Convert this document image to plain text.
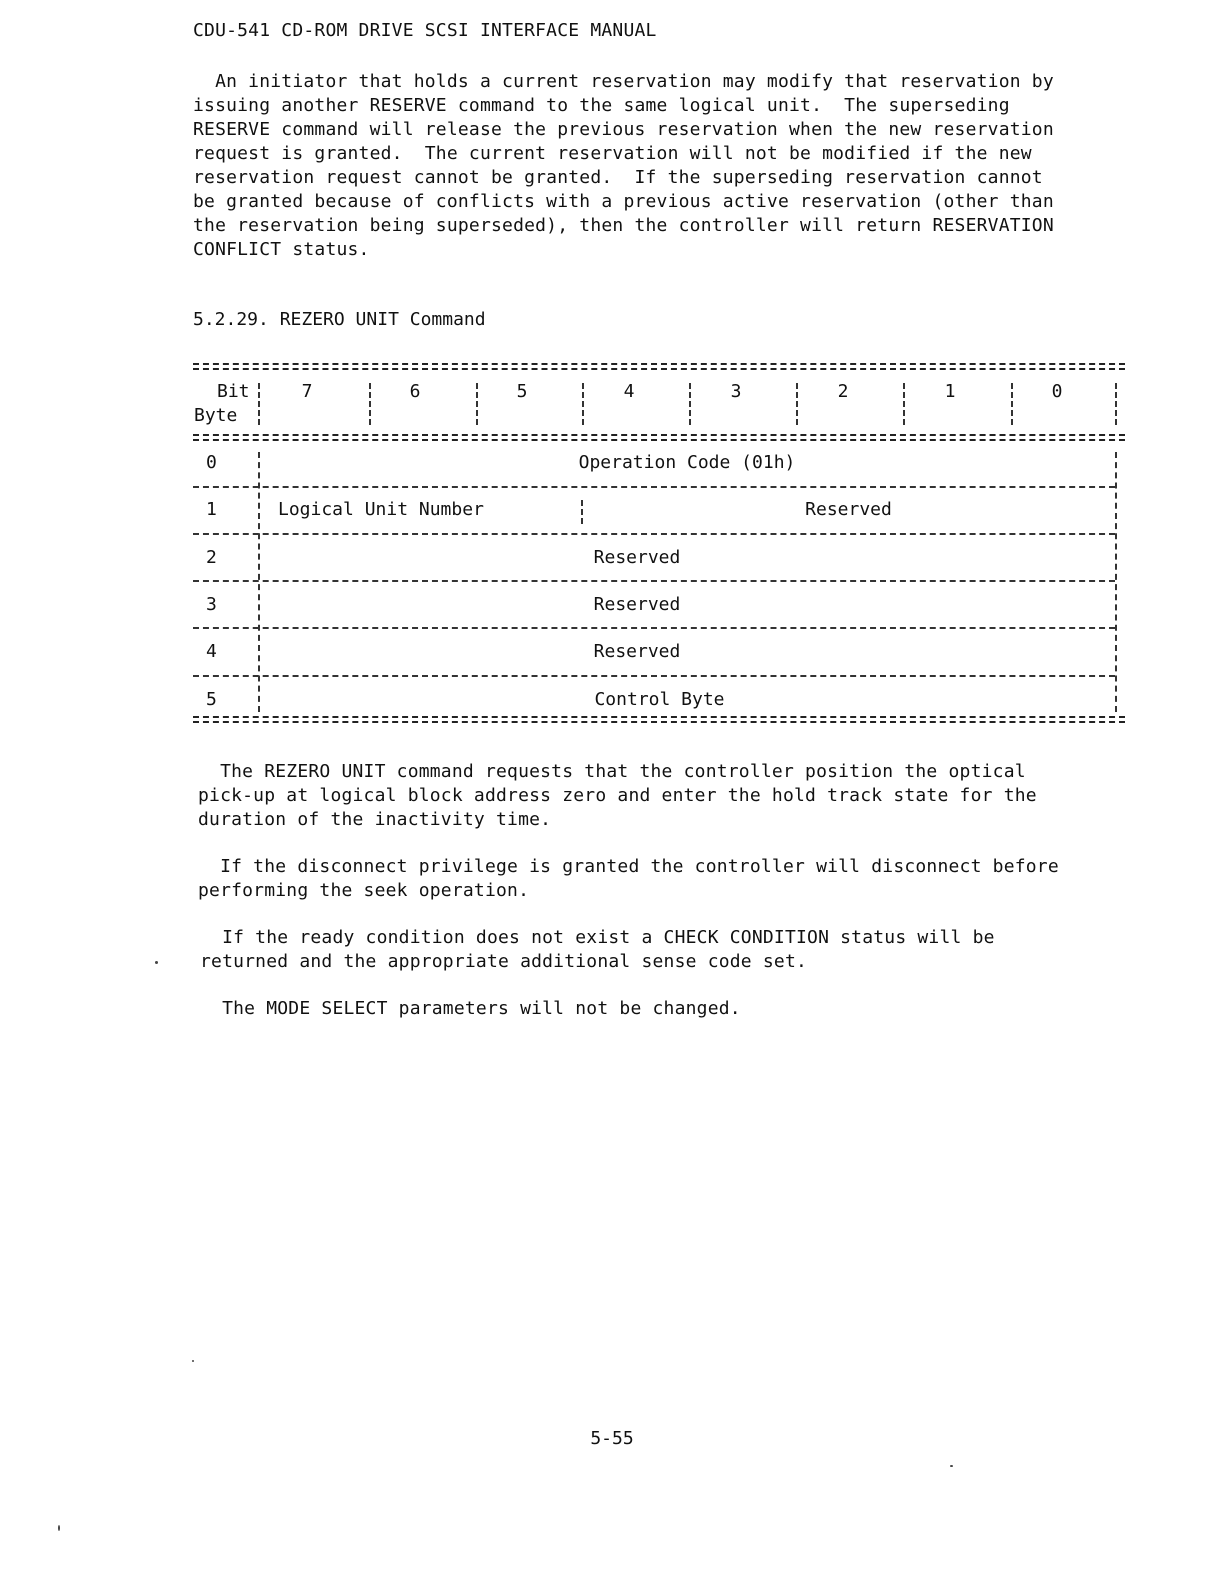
CDU-541 CD-ROM DRIVE SCSI INTERFACE MANUAL
An initiator that holds a current reservation may modify that reservation by
issuing another RESERVE command to the same logical unit.  The superseding
RESERVE command will release the previous reservation when the new reservation
request is granted.  The current reservation will not be modified if the new
reservation request cannot be granted.  If the superseding reservation cannot
be granted because of conflicts with a previous active reservation (other than
the reservation being superseded), then the controller will return RESERVATION
CONFLICT status.
5.2.29. REZERO UNIT Command
Bit
Byte
7	6	5	4	3	2	1	0
0	Operation Code (01h)
1	Logical Unit Number	Reserved
2	Reserved
3	Reserved
4	Reserved
5	Control Byte
The REZERO UNIT command requests that the controller position the optical
pick-up at logical block address zero and enter the hold track state for the
duration of the inactivity time.
If the disconnect privilege is granted the controller will disconnect before
performing the seek operation.
If the ready condition does not exist a CHECK CONDITION status will be
returned and the appropriate additional sense code set.
The MODE SELECT parameters will not be changed.
5-55
